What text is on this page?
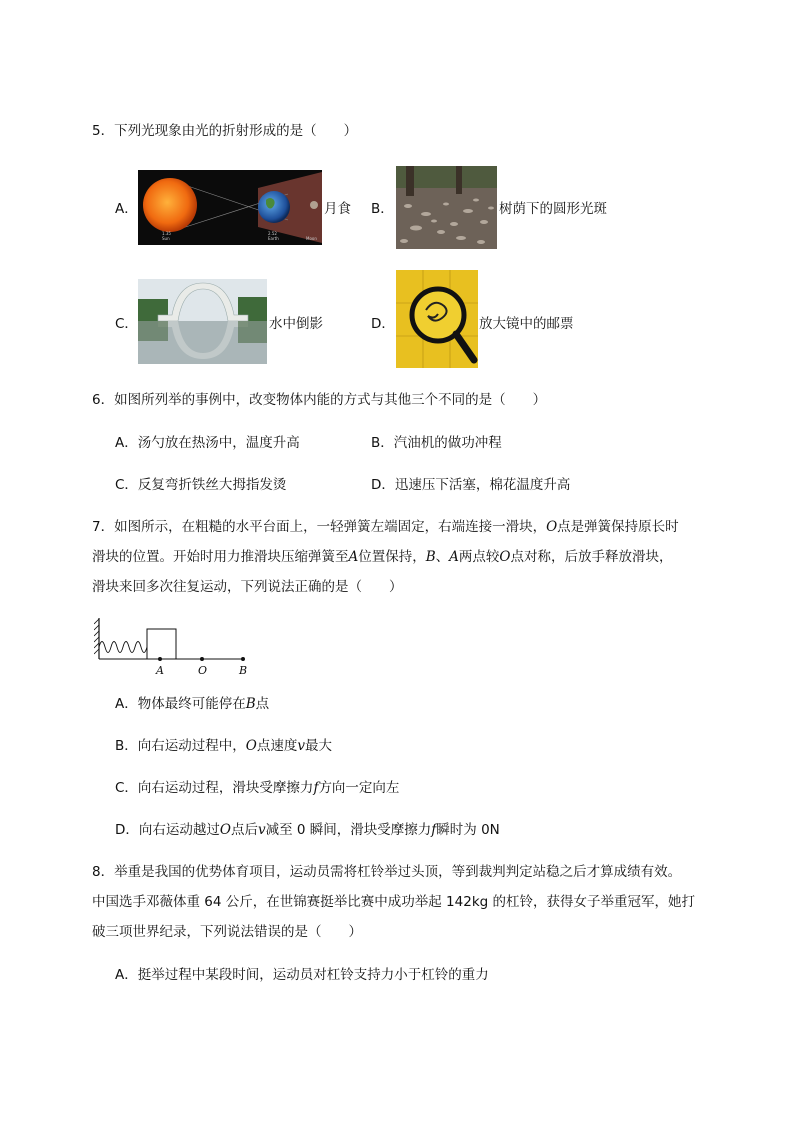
5．下列光现象由光的折射形成的是（　　）
A．
1.35
Sun
2.52
Earth	Moon
月食 B．	树荫下的圆形光斑
C．	水中倒影	D．	放大镜中的邮票
6．如图所列举的事例中，改变物体内能的方式与其他三个不同的是（　　）
A．汤勺放在热汤中，温度升高	B．汽油机的做功冲程
C．反复弯折铁丝大拇指发烫	D．迅速压下活塞，棉花温度升高
7．如图所示，在粗糙的水平台面上，一轻弹簧左端固定，右端连接一滑块，O点是弹簧保持原长时
滑块的位置。开始时用力推滑块压缩弹簧至A位置保持，B、A两点较O点对称，后放手释放滑块，
滑块来回多次往复运动，下列说法正确的是（　　）
A	O	B
A．物体最终可能停在B点
B．向右运动过程中，O点速度v最大
C．向右运动过程，滑块受摩擦力f方向一定向左
D．向右运动越过O点后v减至 0 瞬间，滑块受摩擦力f瞬时为 0N
8．举重是我国的优势体育项目，运动员需将杠铃举过头顶，等到裁判判定站稳之后才算成绩有效。
中国选手邓薇体重 64 公斤，在世锦赛挺举比赛中成功举起 142kg 的杠铃，获得女子举重冠军，她打
破三项世界纪录，下列说法错误的是（　　）
A．挺举过程中某段时间，运动员对杠铃支持力小于杠铃的重力
